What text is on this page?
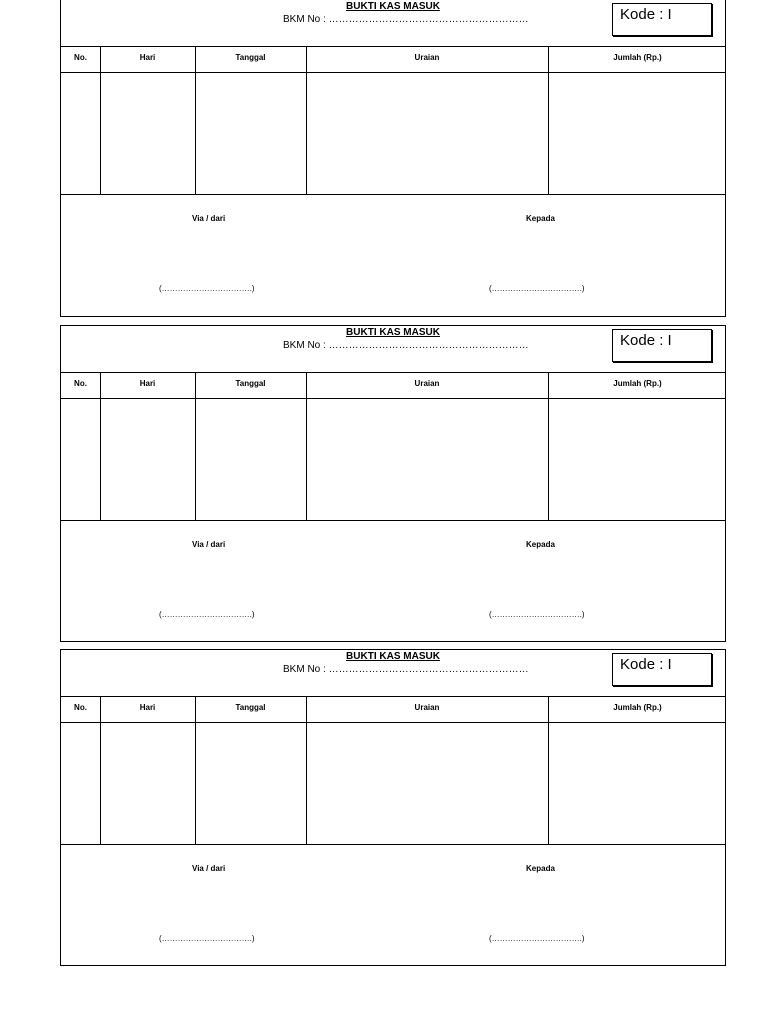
BUKTI KAS MASUK
BKM No : ……………………………………………………	Kode : I
No.	Hari	Tanggal	Uraian	Jumlah (Rp.)
Via / dari	Kepada
(…………………………….)	(…………………………….)
BUKTI KAS MASUK
BKM No : ……………………………………………………	Kode : I
No.	Hari	Tanggal	Uraian	Jumlah (Rp.)
Via / dari	Kepada
(…………………………….)	(…………………………….)
BUKTI KAS MASUK
BKM No : ……………………………………………………	Kode : I
No.	Hari	Tanggal	Uraian	Jumlah (Rp.)
Via / dari	Kepada
(…………………………….)	(…………………………….)
